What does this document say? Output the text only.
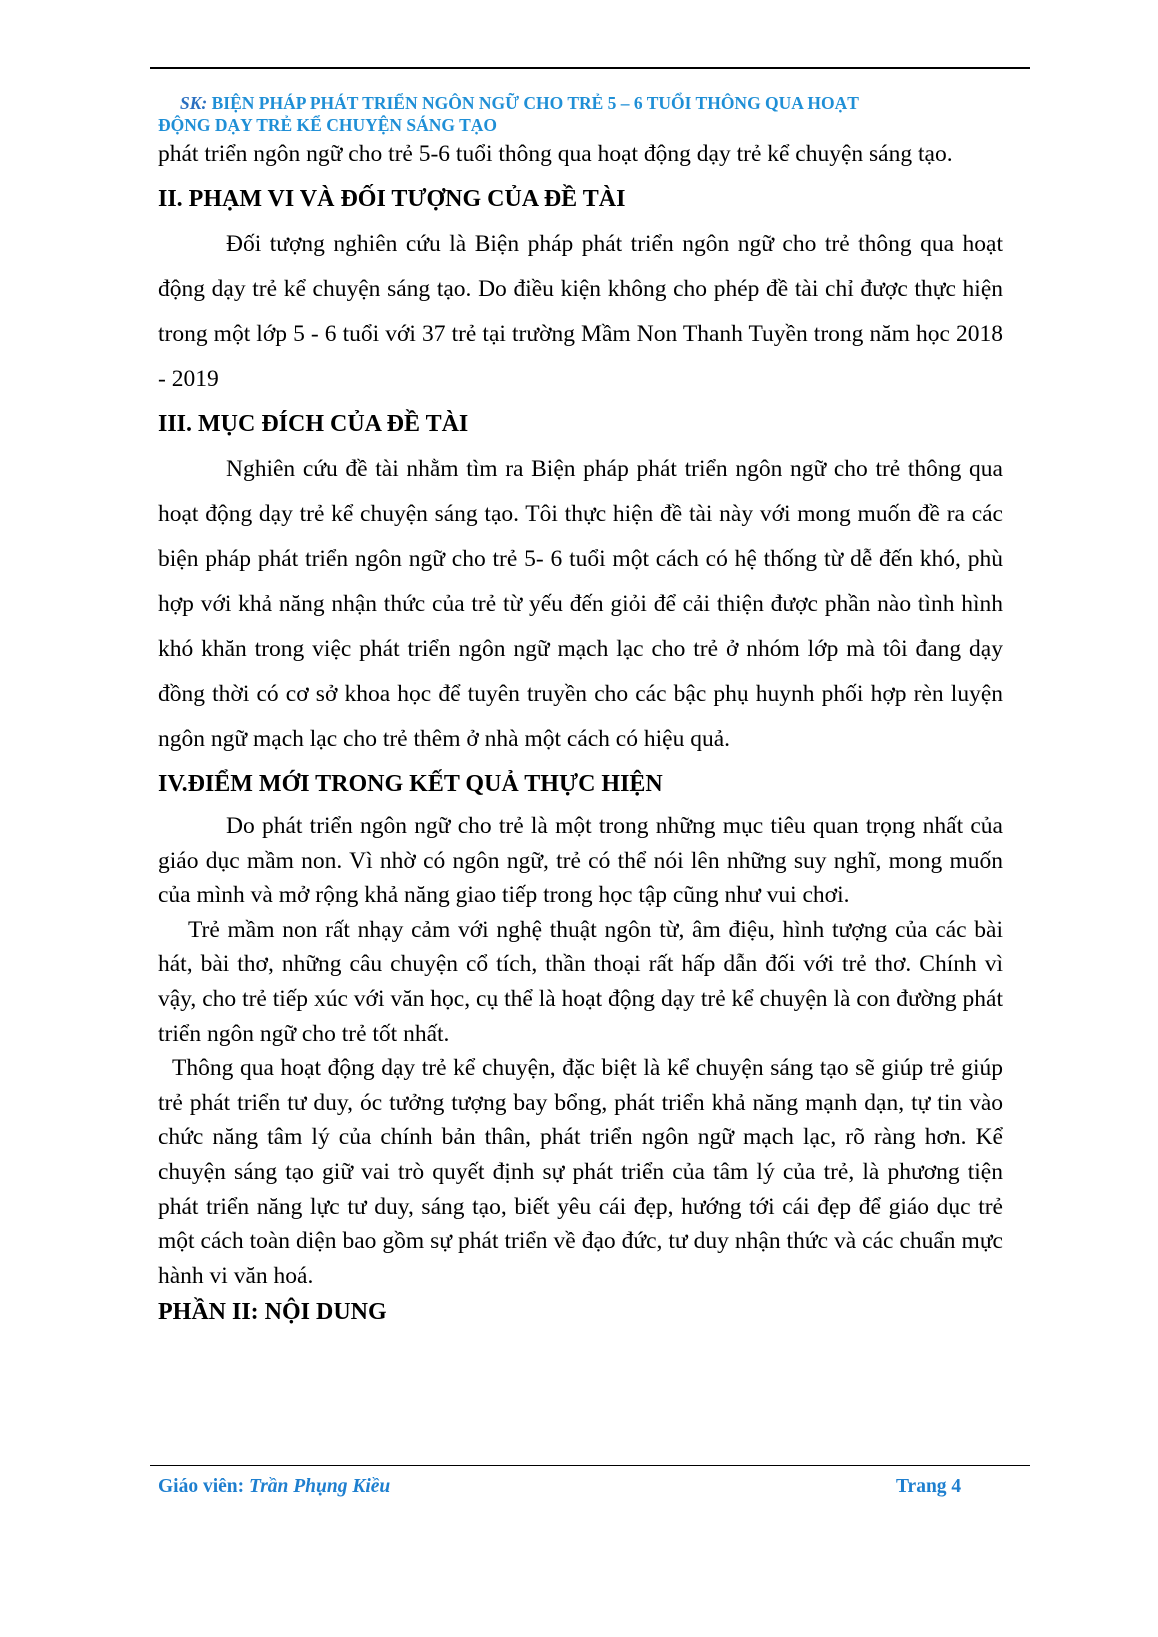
SK: BIỆN PHÁP PHÁT TRIỂN NGÔN NGỮ CHO TRẺ 5 – 6 TUỔI THÔNG QUA HOẠT
ĐỘNG DẠY TRẺ KỂ CHUYỆN SÁNG TẠO

phát triển ngôn ngữ cho trẻ 5-6 tuổi thông qua hoạt động dạy trẻ kể chuyện sáng tạo.

II. PHẠM VI VÀ ĐỐI TƯỢNG CỦA ĐỀ TÀI

Đối tượng nghiên cứu là Biện pháp phát triển ngôn ngữ cho trẻ thông qua hoạt động dạy trẻ kể chuyện sáng tạo. Do điều kiện không cho phép đề tài chỉ được thực hiện trong một lớp 5 - 6 tuổi với 37 trẻ tại trường Mầm Non Thanh Tuyền trong năm học 2018 - 2019

III. MỤC ĐÍCH CỦA ĐỀ TÀI

Nghiên cứu đề tài nhằm tìm ra Biện pháp phát triển ngôn ngữ cho trẻ thông qua hoạt động dạy trẻ kể chuyện sáng tạo. Tôi thực hiện đề tài này với mong muốn đề ra các biện pháp phát triển ngôn ngữ cho trẻ 5- 6 tuổi một cách có hệ thống từ dễ đến khó, phù hợp với khả năng nhận thức của trẻ từ yếu đến giỏi để cải thiện được phần nào tình hình khó khăn trong việc phát triển ngôn ngữ mạch lạc cho trẻ ở nhóm lớp mà tôi đang dạy đồng thời có cơ sở khoa học để tuyên truyền cho các bậc phụ huynh phối hợp rèn luyện ngôn ngữ mạch lạc cho trẻ thêm ở nhà một cách có hiệu quả.

IV.ĐIỂM MỚI TRONG KẾT QUẢ THỰC HIỆN

Do phát triển ngôn ngữ cho trẻ là một trong những mục tiêu quan trọng nhất của giáo dục mầm non. Vì nhờ có ngôn ngữ, trẻ có thể nói lên những suy nghĩ, mong muốn của mình và mở rộng khả năng giao tiếp trong học tập cũng như vui chơi.

Trẻ mầm non rất nhạy cảm với nghệ thuật ngôn từ, âm điệu, hình tượng của các bài hát, bài thơ, những câu chuyện cổ tích, thần thoại rất hấp dẫn đối với trẻ thơ. Chính vì vậy, cho trẻ tiếp xúc với văn học, cụ thể là hoạt động dạy trẻ kể chuyện là con đường phát triển ngôn ngữ cho trẻ tốt nhất.

Thông qua hoạt động dạy trẻ kể chuyện, đặc biệt là kể chuyện sáng tạo sẽ giúp trẻ giúp trẻ phát triển tư duy, óc tưởng tượng bay bổng, phát triển khả năng mạnh dạn, tự tin vào chức năng tâm lý của chính bản thân, phát triển ngôn ngữ mạch lạc, rõ ràng hơn. Kể chuyện sáng tạo giữ vai trò quyết định sự phát triển của tâm lý của trẻ, là phương tiện phát triển năng lực tư duy, sáng tạo, biết yêu cái đẹp, hướng tới cái đẹp để giáo dục trẻ một cách toàn diện bao gồm sự phát triển về đạo đức, tư duy nhận thức và các chuẩn mực hành vi văn hoá.

PHẦN II: NỘI DUNG
Giáo viên: Trần Phụng Kiều	Trang 4
